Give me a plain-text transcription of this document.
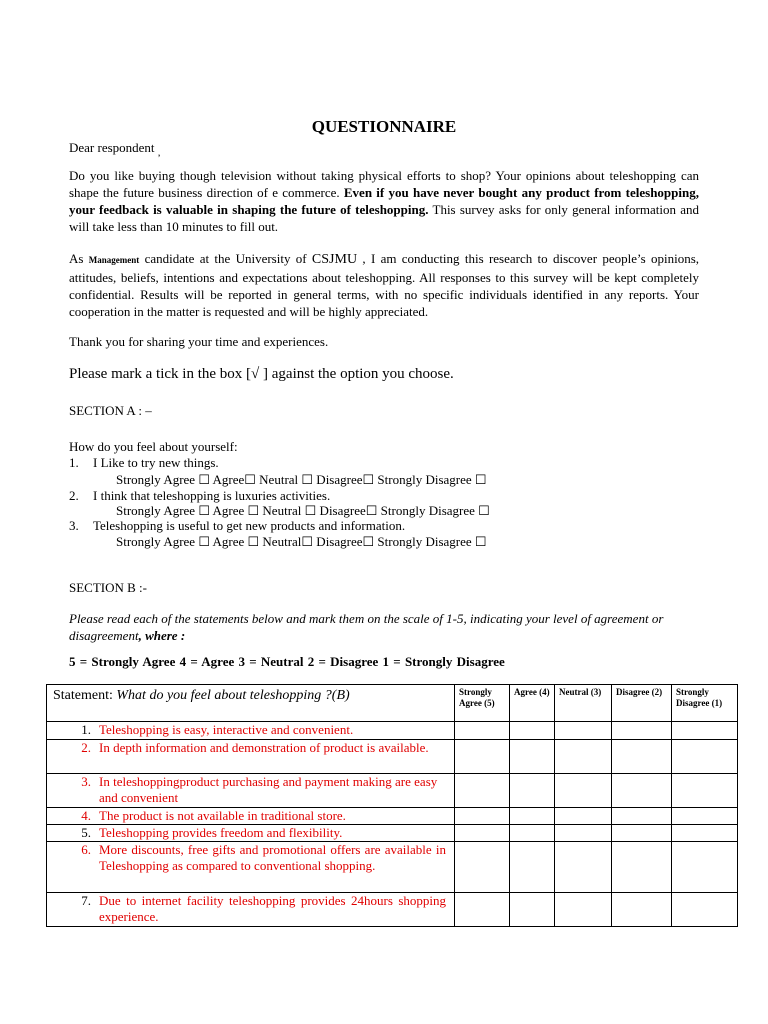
QUESTIONNAIRE
Dear respondent $_,$
Do you like buying though television without taking physical efforts to shop? Your opinions about teleshopping can shape the future business direction of e commerce. Even if you have never bought any product from teleshopping, your feedback is valuable in shaping the future of teleshopping. This survey asks for only general information and will take less than 10 minutes to fill out.
As Management candidate at the University of CSJMU , I am conducting this research to discover people’s opinions, attitudes, beliefs, intentions and expectations about teleshopping. All responses to this survey will be kept completely confidential. Results will be reported in general terms, with no specific individuals identified in any reports. Your cooperation in the matter is requested and will be highly appreciated.
Thank you for sharing your time and experiences.
Please mark a tick in the box [√ ] against the option you choose.
SECTION A : –
How do you feel about yourself:
1. I Like to try new things.
Strongly Agree ☐ Agree☐ Neutral ☐ Disagree☐ Strongly Disagree ☐
2. I think that teleshopping is luxuries activities.
Strongly Agree ☐ Agree ☐ Neutral ☐ Disagree☐ Strongly Disagree ☐
3. Teleshopping is useful to get new products and information.
Strongly Agree ☐ Agree ☐ Neutral☐ Disagree☐ Strongly Disagree ☐
SECTION B :-
Please read each of the statements below and mark them on the scale of 1-5, indicating your level of agreement or disagreement, where :
5 = Strongly Agree 4 = Agree 3 = Neutral 2 = Disagree 1 = Strongly Disagree
Statement: What do you feel about teleshopping ?(B)	Strongly Agree (5)	Agree (4)	Neutral (3)	Disagree (2)	Strongly Disagree (1)

1. Teleshopping is easy, interactive and convenient.					

2. In depth information and demonstration of product is available.					

3. In teleshoppingproduct purchasing and payment making are easy and convenient					

4. The product is not available in traditional store.					

5. Teleshopping provides freedom and flexibility.					

6. More discounts, free gifts and promotional offers are available in Teleshopping as compared to conventional shopping.					

7. Due to internet facility teleshopping provides 24hours shopping experience.					
